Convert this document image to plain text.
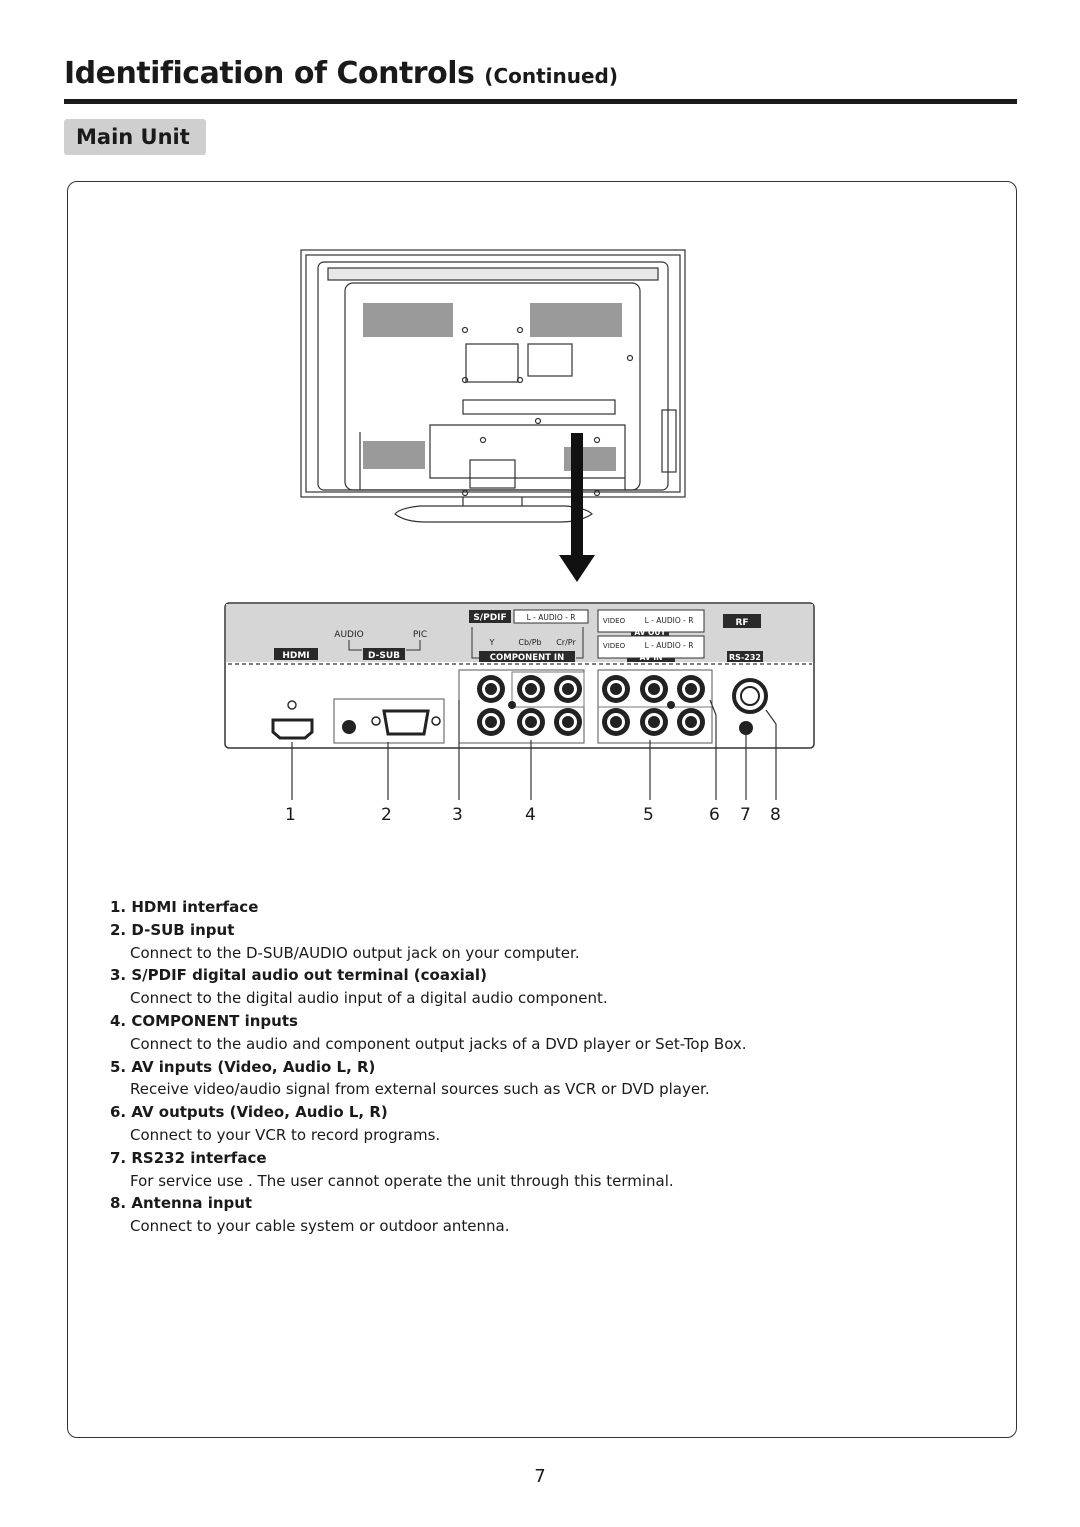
Identification of Controls (Continued)
Main Unit
HDMI
AUDIO	PIC
D-SUB
S/PDIF	L - AUDIO - R
Y	Cb/Pb Cr/Pr
COMPONENT IN
VIDEO	L - AUDIO - R
AV OUT
VIDEO	L - AUDIO - R
AV IN
RF
RS-232
1	2	3	4	5	6 7 8
1. HDMI interface
2. D-SUB input
Connect to the D-SUB/AUDIO output jack on your computer.
3. S/PDIF digital audio out terminal (coaxial)
Connect to the digital audio input of a digital audio component.
4. COMPONENT inputs
Connect to the audio and component output jacks of a DVD player or Set-Top Box.
5. AV inputs (Video, Audio L, R)
Receive video/audio signal from external sources such as VCR or DVD player.
6. AV outputs (Video, Audio L, R)
Connect to your VCR to record programs.
7. RS232 interface
For service use . The user cannot operate the unit through this terminal.
8. Antenna input
Connect to your cable system or outdoor antenna.
7
